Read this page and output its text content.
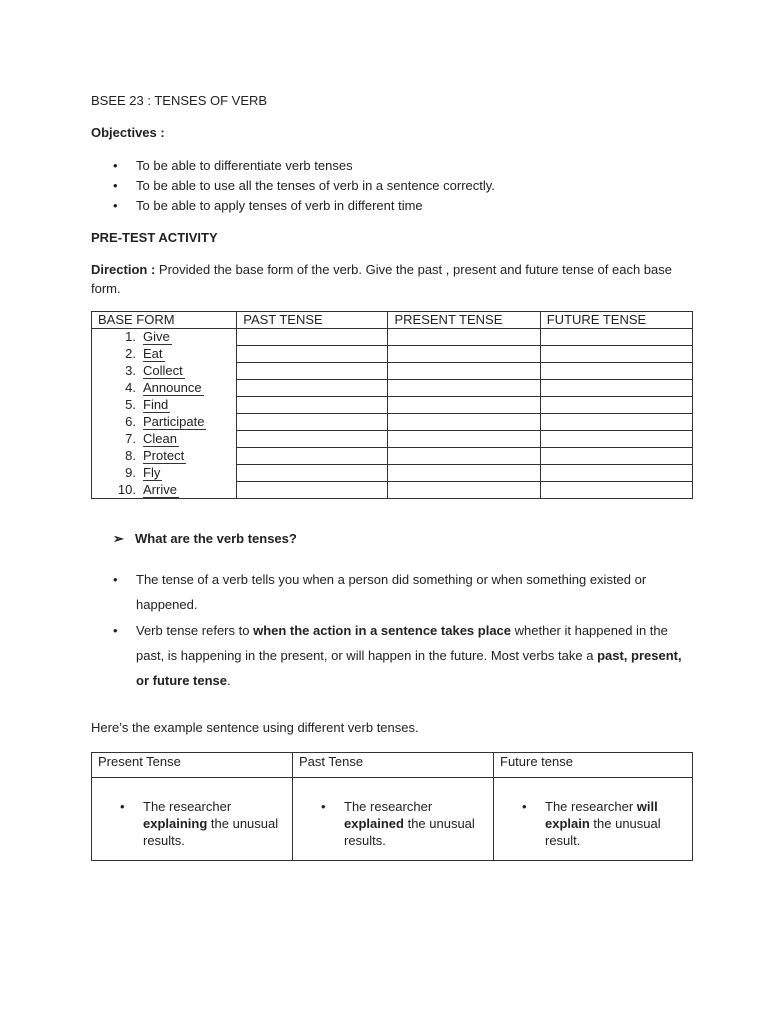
BSEE 23 : TENSES OF VERB
Objectives :
• To be able to differentiate verb tenses
• To be able to use all the tenses of verb in a sentence correctly.
• To be able to apply tenses of verb in different time
PRE-TEST ACTIVITY
Direction : Provided the base form of the verb. Give the past , present and future tense of each base form.
BASE FORM	PAST TENSE	PRESENT TENSE	FUTURE TENSE

1. Give			

2. Eat			

3. Collect			

4. Announce			

5. Find			

6. Participate			

7. Clean			

8. Protect			

9. Fly			

10. Arrive			

➢ What are the verb tenses?
•	The tense of a verb tells you when a person did something or when something existed or happened.
•	Verb tense refers to when the action in a sentence takes place whether it happened in the past, is happening in the present, or will happen in the future. Most verbs take a past, present, or future tense.
Here’s the example sentence using different verb tenses.
Present Tense	Past Tense	Future tense

• The researcher explaining the unusual results.	• The researcher explained the unusual results.	• The researcher will explain the unusual result.
